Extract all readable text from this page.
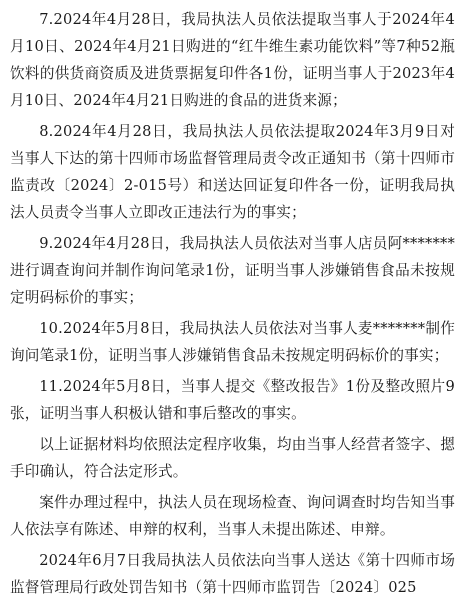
7.2024年4月28日，我局执法人员依法提取当事人于2024年4月10日、2024年4月21日购进的“红牛维生素功能饮料”等7种52瓶饮料的供货商资质及进货票据复印件各1份，证明当事人于2023年4月10日、2024年4月21日购进的食品的进货来源；

8.2024年4月28日，我局执法人员依法提取2024年3月9日对当事人下达的第十四师市场监督管理局责令改正通知书（第十四师市监责改〔2024〕2-015号）和送达回证复印件各一份，证明我局执法人员责令当事人立即改正违法行为的事实；

9.2024年4月28日，我局执法人员依法对当事人店员阿*******进行调查询问并制作询问笔录1份，证明当事人涉嫌销售食品未按规定明码标价的事实；

10.2024年5月8日，我局执法人员依法对当事人麦*******制作询问笔录1份，证明当事人涉嫌销售食品未按规定明码标价的事实；

11.2024年5月8日，当事人提交《整改报告》1份及整改照片9张，证明当事人积极认错和事后整改的事实。

以上证据材料均依照法定程序收集，均由当事人经营者签字、摁手印确认，符合法定形式。

案件办理过程中，执法人员在现场检查、询问调查时均告知当事人依法享有陈述、申辩的权利，当事人未提出陈述、申辩。

2024年6月7日我局执法人员依法向当事人送达《第十四师市场监督管理局行政处罚告知书（第十四师市监罚告〔2024〕025
